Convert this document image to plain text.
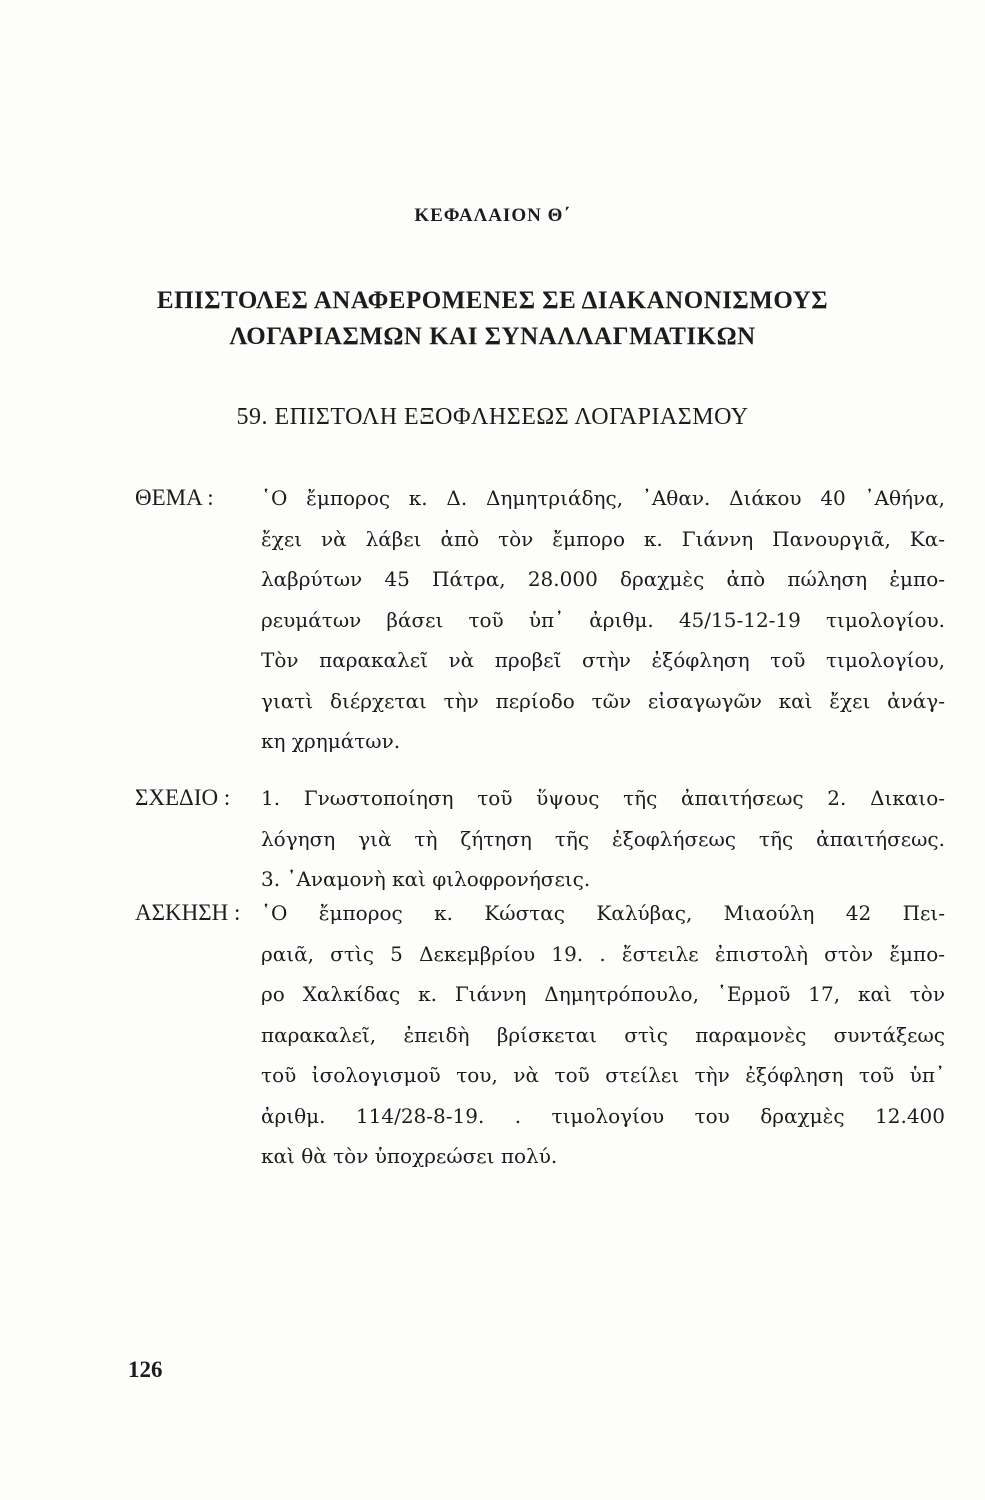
ΚΕΦΑΛΑΙΟΝ Θ΄
ΕΠΙΣΤΟΛΕΣ ΑΝΑΦΕΡΟΜΕΝΕΣ ΣΕ ΔΙΑΚΑΝΟΝΙΣΜΟΥΣ
ΛΟΓΑΡΙΑΣΜΩΝ ΚΑΙ ΣΥΝΑΛΛΑΓΜΑΤΙΚΩΝ
59. ΕΠΙΣΤΟΛΗ ΕΞΟΦΛΗΣΕΩΣ ΛΟΓΑΡΙΑΣΜΟΥ
ΘΕΜΑ : ῾Ο ἔμπορος κ. Δ. Δημητριάδης, ᾿Αθαν. Διάκου 40 ᾿Αθήνα,
ἔχει νὰ λάβει ἀπὸ τὸν ἔμπορο κ. Γιάννη Πανουργιᾶ, Κα-
λαβρύτων 45 Πάτρα, 28.000 δραχμὲς ἀπὸ πώληση ἐμπο-
ρευμάτων βάσει τοῦ ὑπ᾿ ἀριθμ. 45/15-12-19 τιμολογίου.
Τὸν παρακαλεῖ νὰ προβεῖ στὴν ἐξόφληση τοῦ τιμολογίου,
γιατὶ διέρχεται τὴν περίοδο τῶν εἰσαγωγῶν καὶ ἔχει ἀνάγ-
κη χρημάτων.
ΣΧΕΔΙΟ : 1. Γνωστοποίηση τοῦ ὕψους τῆς ἀπαιτήσεως 2. Δικαιο-
λόγηση γιὰ τὴ ζήτηση τῆς ἐξοφλήσεως τῆς ἀπαιτήσεως.
3. ᾿Αναμονὴ καὶ φιλοφρονήσεις.
ΑΣΚΗΣΗ : ῾Ο ἔμπορος κ. Κώστας Καλύβας, Μιαούλη 42 Πει-
ραιᾶ, στὶς 5 Δεκεμβρίου 19. . ἔστειλε ἐπιστολὴ στὸν ἔμπο-
ρο Χαλκίδας κ. Γιάννη Δημητρόπουλο, ῾Ερμοῦ 17, καὶ τὸν
παρακαλεῖ, ἐπειδὴ βρίσκεται στὶς παραμονὲς συντάξεως
τοῦ ἰσολογισμοῦ του, νὰ τοῦ στείλει τὴν ἐξόφληση τοῦ ὑπ᾿
ἀριθμ. 114/28-8-19. . τιμολογίου του δραχμὲς 12.400
καὶ θὰ τὸν ὑποχρεώσει πολύ.
126
